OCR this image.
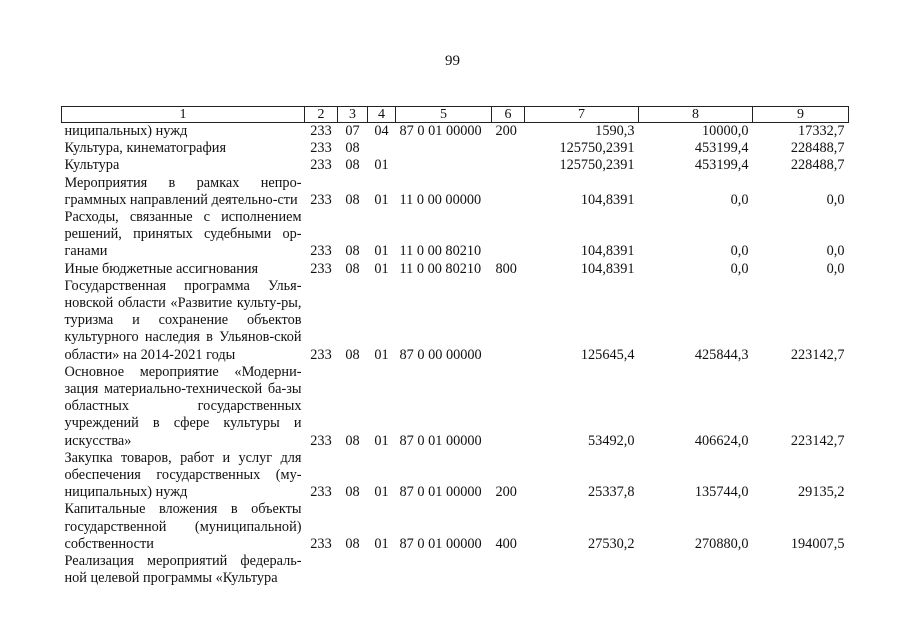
99
1	2	3	4	5	6	7	8	9
ниципальных) нужд	233	07	04	87 0 01 00000	200	1590,3	10000,0	17332,7
Культура, кинематография	233	08				125750,2391	453199,4	228488,7
Культура	233	08	01			125750,2391	453199,4	228488,7
Мероприятия в рамках непро-граммных направлений деятельно-сти	233	08	01	11 0 00 00000		104,8391	0,0	0,0
Расходы, связанные с исполнением решений, принятых судебными ор-ганами	233	08	01	11 0 00 80210		104,8391	0,0	0,0
Иные бюджетные ассигнования	233	08	01	11 0 00 80210	800	104,8391	0,0	0,0
Государственная программа Улья-новской области «Развитие культу-ры, туризма и сохранение объектов культурного наследия в Ульянов-ской области» на 2014-2021 годы	233	08	01	87 0 00 00000		125645,4	425844,3	223142,7
Основное мероприятие «Модерни-зация материально-технической ба-зы областных государственных учреждений в сфере культуры и искусства»	233	08	01	87 0 01 00000		53492,0	406624,0	223142,7
Закупка товаров, работ и услуг для обеспечения государственных (му-ниципальных) нужд	233	08	01	87 0 01 00000	200	25337,8	135744,0	29135,2
Капитальные вложения в объекты государственной (муниципальной) собственности	233	08	01	87 0 01 00000	400	27530,2	270880,0	194007,5
Реализация мероприятий федераль-ной целевой программы «Культура								
